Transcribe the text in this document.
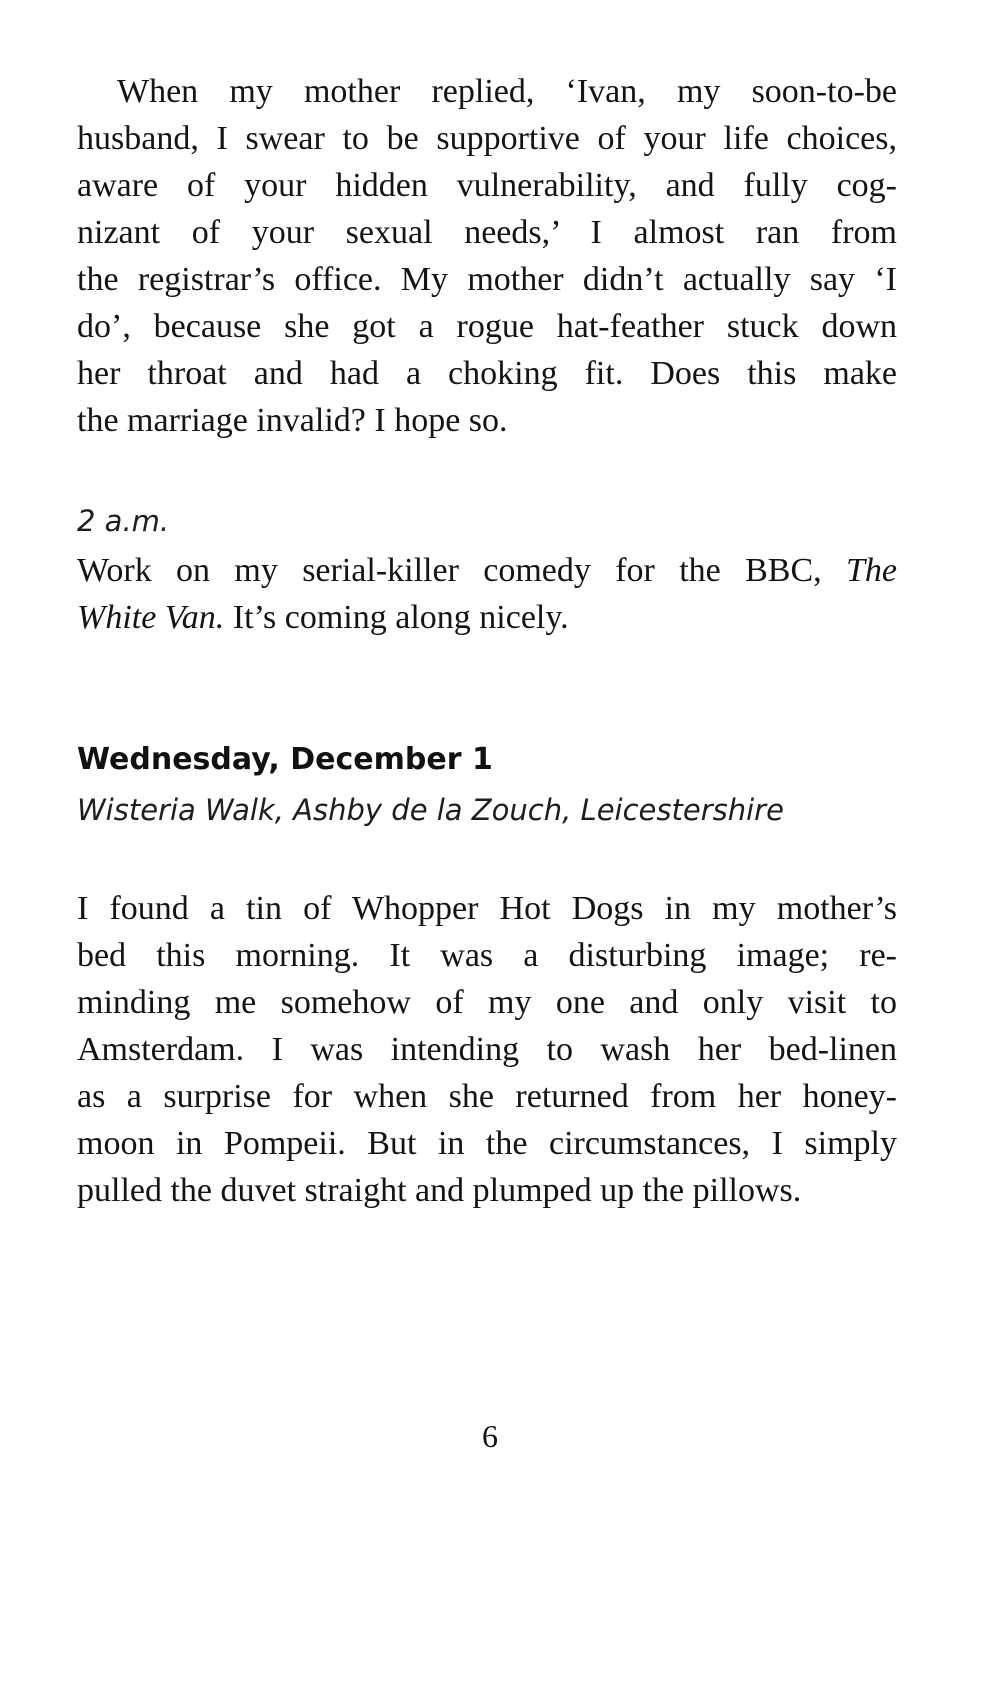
When my mother replied, ‘Ivan, my soon-to-be
husband, I swear to be supportive of your life choices,
aware of your hidden vulnerability, and fully cog-
nizant of your sexual needs,’ I almost ran from
the registrar’s office. My mother didn’t actually say ‘I
do’, because she got a rogue hat-feather stuck down
her throat and had a choking fit. Does this make
the marriage invalid? I hope so.
2 a.m.
Work on my serial-killer comedy for the BBC, The
White Van. It’s coming along nicely.
Wednesday, December 1
Wisteria Walk, Ashby de la Zouch, Leicestershire
I found a tin of Whopper Hot Dogs in my mother’s
bed this morning. It was a disturbing image; re-
minding me somehow of my one and only visit to
Amsterdam. I was intending to wash her bed-linen
as a surprise for when she returned from her honey-
moon in Pompeii. But in the circumstances, I simply
pulled the duvet straight and plumped up the pillows.
6
